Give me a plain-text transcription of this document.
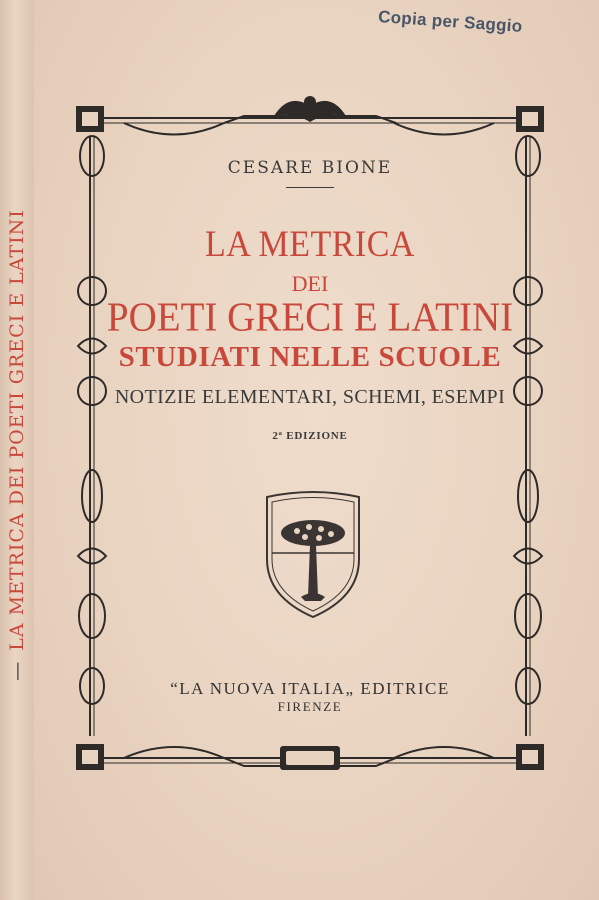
—LA METRICA DEI POETI GRECI E LATINI
Copia per Saggio
CESARE BIONE
LA METRICA
DEI
POETI GRECI E LATINI
STUDIATI NELLE SCUOLE
NOTIZIE ELEMENTARI, SCHEMI, ESEMPI
2ª EDIZIONE
“LA NUOVA ITALIA„ EDITRICE
FIRENZE
